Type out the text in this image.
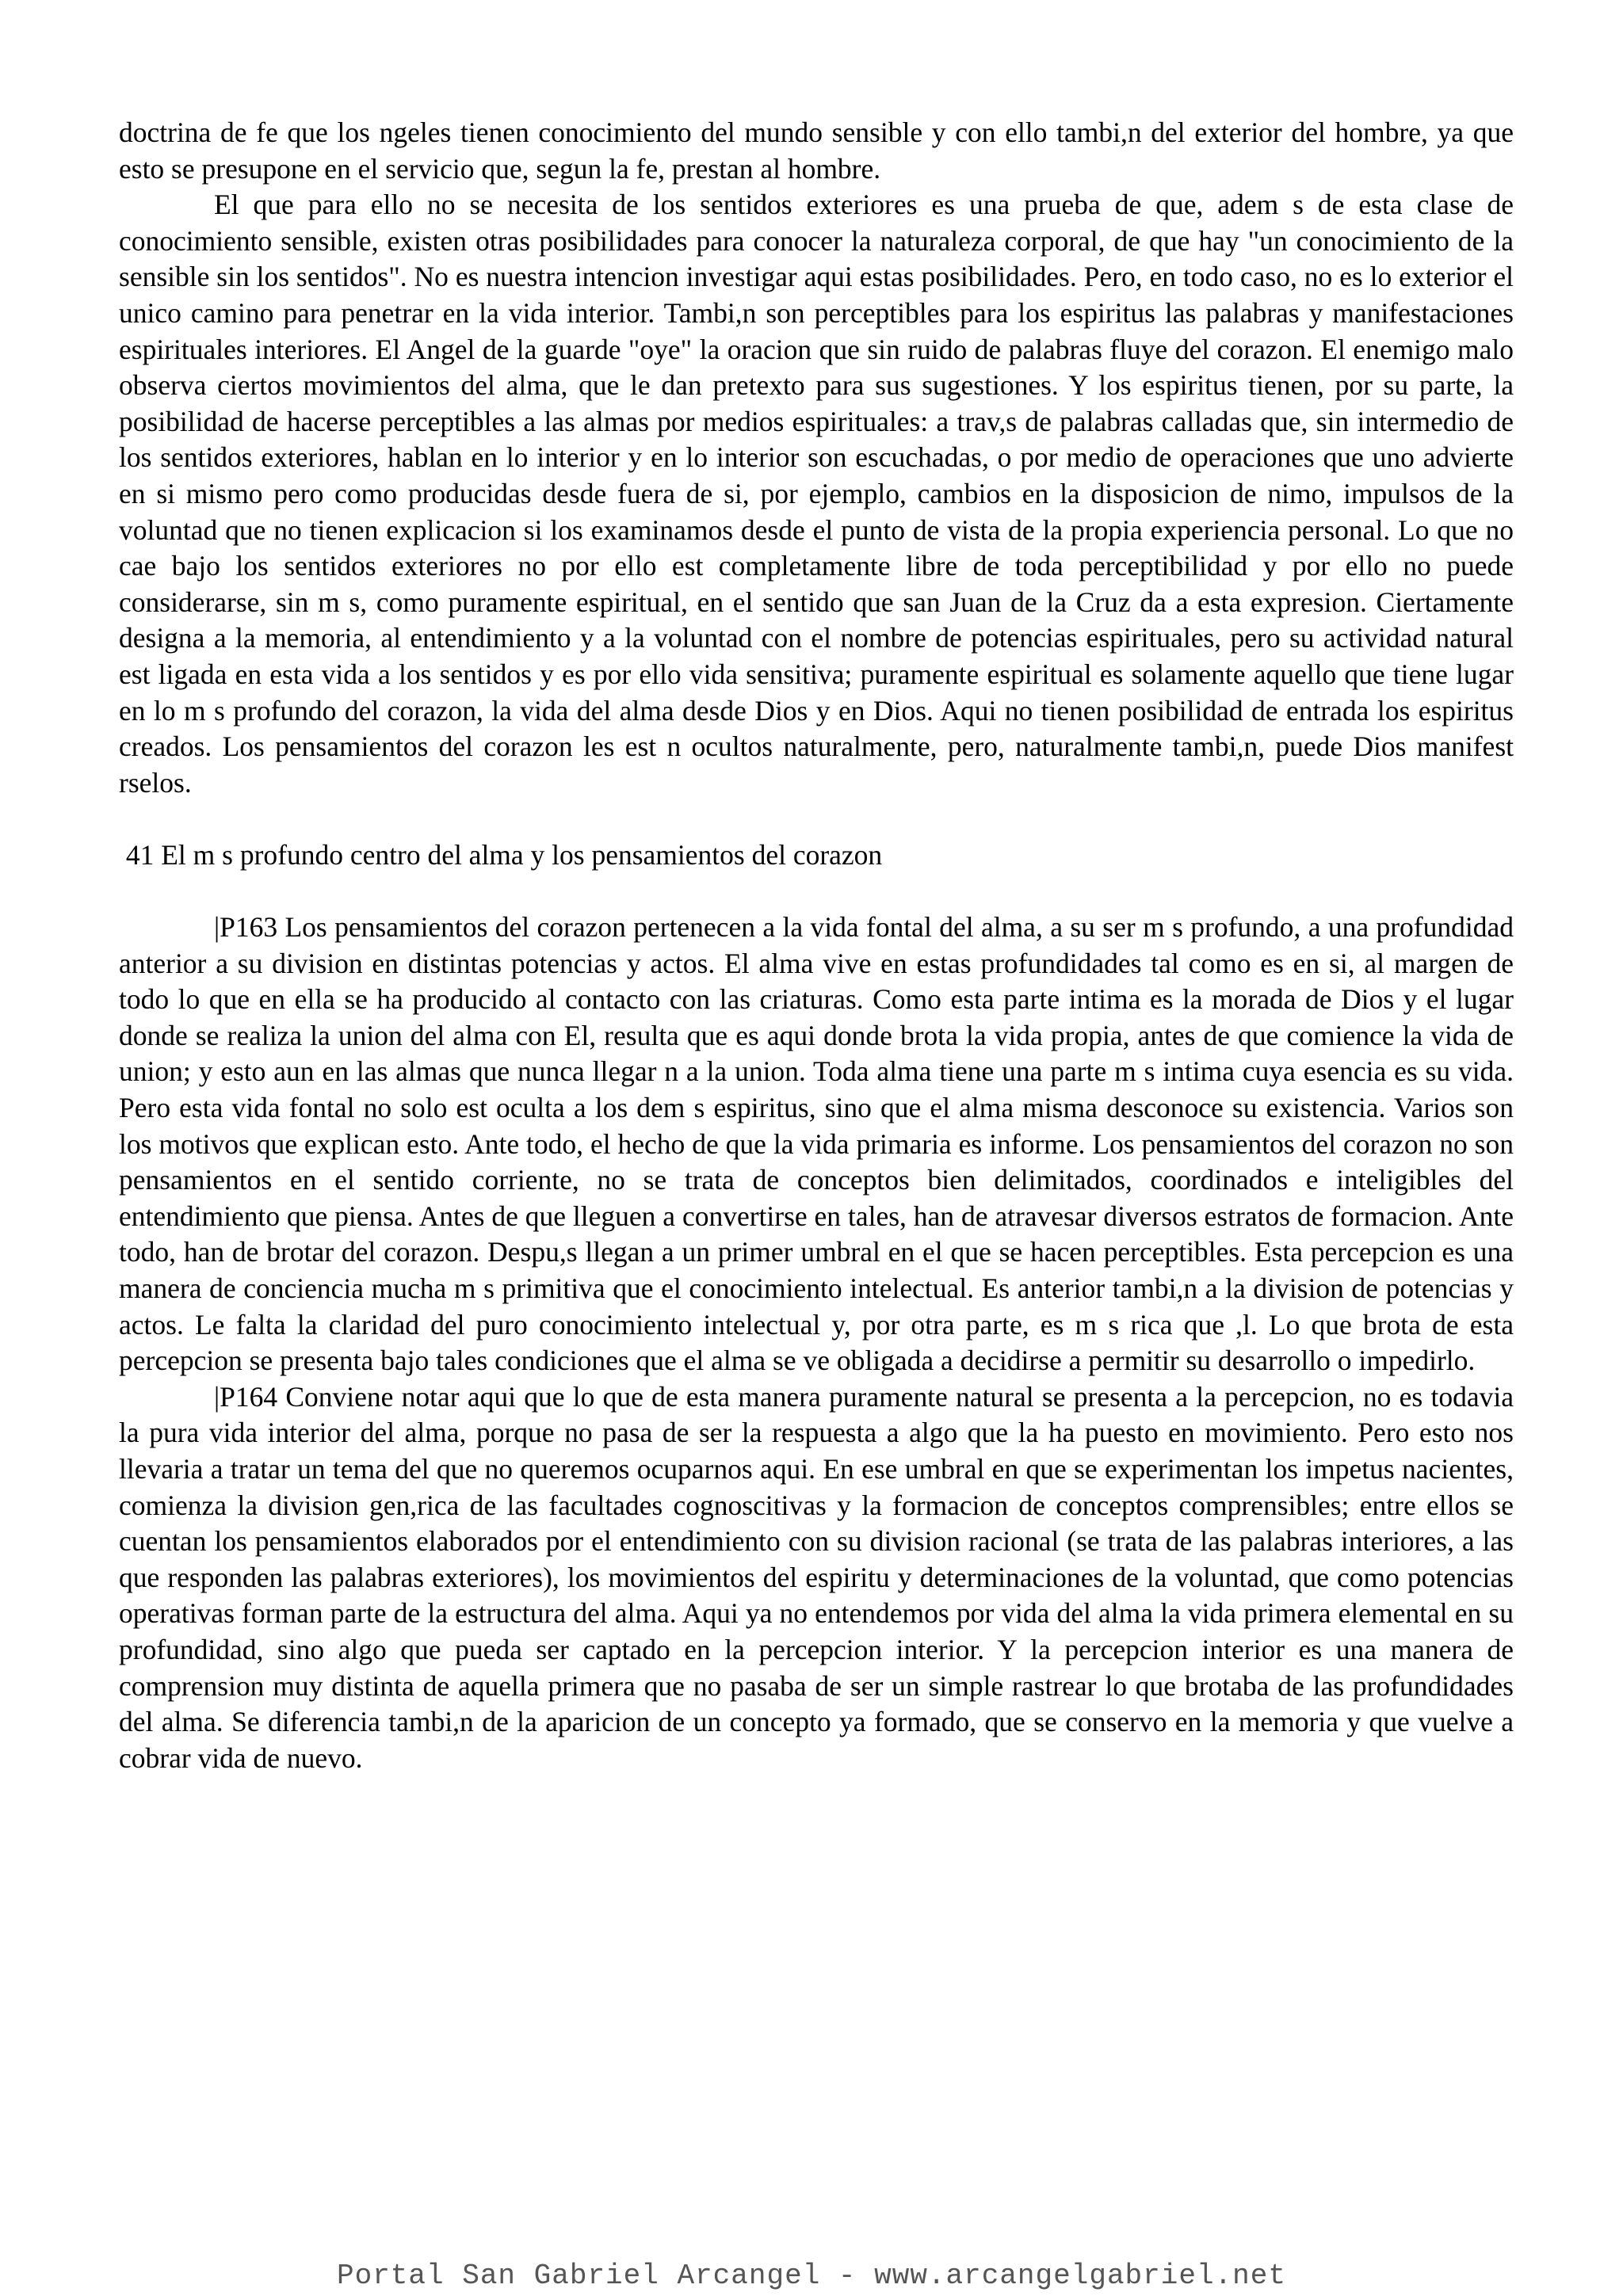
doctrina de fe que los ngeles tienen conocimiento del mundo sensible y con ello tambi,n del exterior del hombre, ya que esto se presupone en el servicio que, segun la fe, prestan al hombre.

El que para ello no se necesita de los sentidos exteriores es una prueba de que, adem s de esta clase de conocimiento sensible, existen otras posibilidades para conocer la naturaleza corporal, de que hay "un conocimiento de la sensible sin los sentidos". No es nuestra intencion investigar aqui estas posibilidades. Pero, en todo caso, no es lo exterior el unico camino para penetrar en la vida interior. Tambi,n son perceptibles para los espiritus las palabras y manifestaciones espirituales interiores. El Angel de la guarde "oye" la oracion que sin ruido de palabras fluye del corazon. El enemigo malo observa ciertos movimientos del alma, que le dan pretexto para sus sugestiones. Y los espiritus tienen, por su parte, la posibilidad de hacerse perceptibles a las almas por medios espirituales: a trav,s de palabras calladas que, sin intermedio de los sentidos exteriores, hablan en lo interior y en lo interior son escuchadas, o por medio de operaciones que uno advierte en si mismo pero como producidas desde fuera de si, por ejemplo, cambios en la disposicion de nimo, impulsos de la voluntad que no tienen explicacion si los examinamos desde el punto de vista de la propia experiencia personal. Lo que no cae bajo los sentidos exteriores no por ello est completamente libre de toda perceptibilidad y por ello no puede considerarse, sin m s, como puramente espiritual, en el sentido que san Juan de la Cruz da a esta expresion. Ciertamente designa a la memoria, al entendimiento y a la voluntad con el nombre de potencias espirituales, pero su actividad natural est ligada en esta vida a los sentidos y es por ello vida sensitiva; puramente espiritual es solamente aquello que tiene lugar en lo m s profundo del corazon, la vida del alma desde Dios y en Dios. Aqui no tienen posibilidad de entrada los espiritus creados. Los pensamientos del corazon les est n ocultos naturalmente, pero, naturalmente tambi,n, puede Dios manifest rselos.

41 El m s profundo centro del alma y los pensamientos del corazon

|P163 Los pensamientos del corazon pertenecen a la vida fontal del alma, a su ser m s profundo, a una profundidad anterior a su division en distintas potencias y actos. El alma vive en estas profundidades tal como es en si, al margen de todo lo que en ella se ha producido al contacto con las criaturas. Como esta parte intima es la morada de Dios y el lugar donde se realiza la union del alma con El, resulta que es aqui donde brota la vida propia, antes de que comience la vida de union; y esto aun en las almas que nunca llegar n a la union. Toda alma tiene una parte m s intima cuya esencia es su vida. Pero esta vida fontal no solo est oculta a los dem s espiritus, sino que el alma misma desconoce su existencia. Varios son los motivos que explican esto. Ante todo, el hecho de que la vida primaria es informe. Los pensamientos del corazon no son pensamientos en el sentido corriente, no se trata de conceptos bien delimitados, coordinados e inteligibles del entendimiento que piensa. Antes de que lleguen a convertirse en tales, han de atravesar diversos estratos de formacion. Ante todo, han de brotar del corazon. Despu,s llegan a un primer umbral en el que se hacen perceptibles. Esta percepcion es una manera de conciencia mucha m s primitiva que el conocimiento intelectual. Es anterior tambi,n a la division de potencias y actos. Le falta la claridad del puro conocimiento intelectual y, por otra parte, es m s rica que ,l. Lo que brota de esta percepcion se presenta bajo tales condiciones que el alma se ve obligada a decidirse a permitir su desarrollo o impedirlo.

|P164 Conviene notar aqui que lo que de esta manera puramente natural se presenta a la percepcion, no es todavia la pura vida interior del alma, porque no pasa de ser la respuesta a algo que la ha puesto en movimiento. Pero esto nos llevaria a tratar un tema del que no queremos ocuparnos aqui. En ese umbral en que se experimentan los impetus nacientes, comienza la division gen,rica de las facultades cognoscitivas y la formacion de conceptos comprensibles; entre ellos se cuentan los pensamientos elaborados por el entendimiento con su division racional (se trata de las palabras interiores, a las que responden las palabras exteriores), los movimientos del espiritu y determinaciones de la voluntad, que como potencias operativas forman parte de la estructura del alma. Aqui ya no entendemos por vida del alma la vida primera elemental en su profundidad, sino algo que pueda ser captado en la percepcion interior. Y la percepcion interior es una manera de comprension muy distinta de aquella primera que no pasaba de ser un simple rastrear lo que brotaba de las profundidades del alma. Se diferencia tambi,n de la aparicion de un concepto ya formado, que se conservo en la memoria y que vuelve a cobrar vida de nuevo.

Portal San Gabriel Arcangel - www.arcangelgabriel.net
